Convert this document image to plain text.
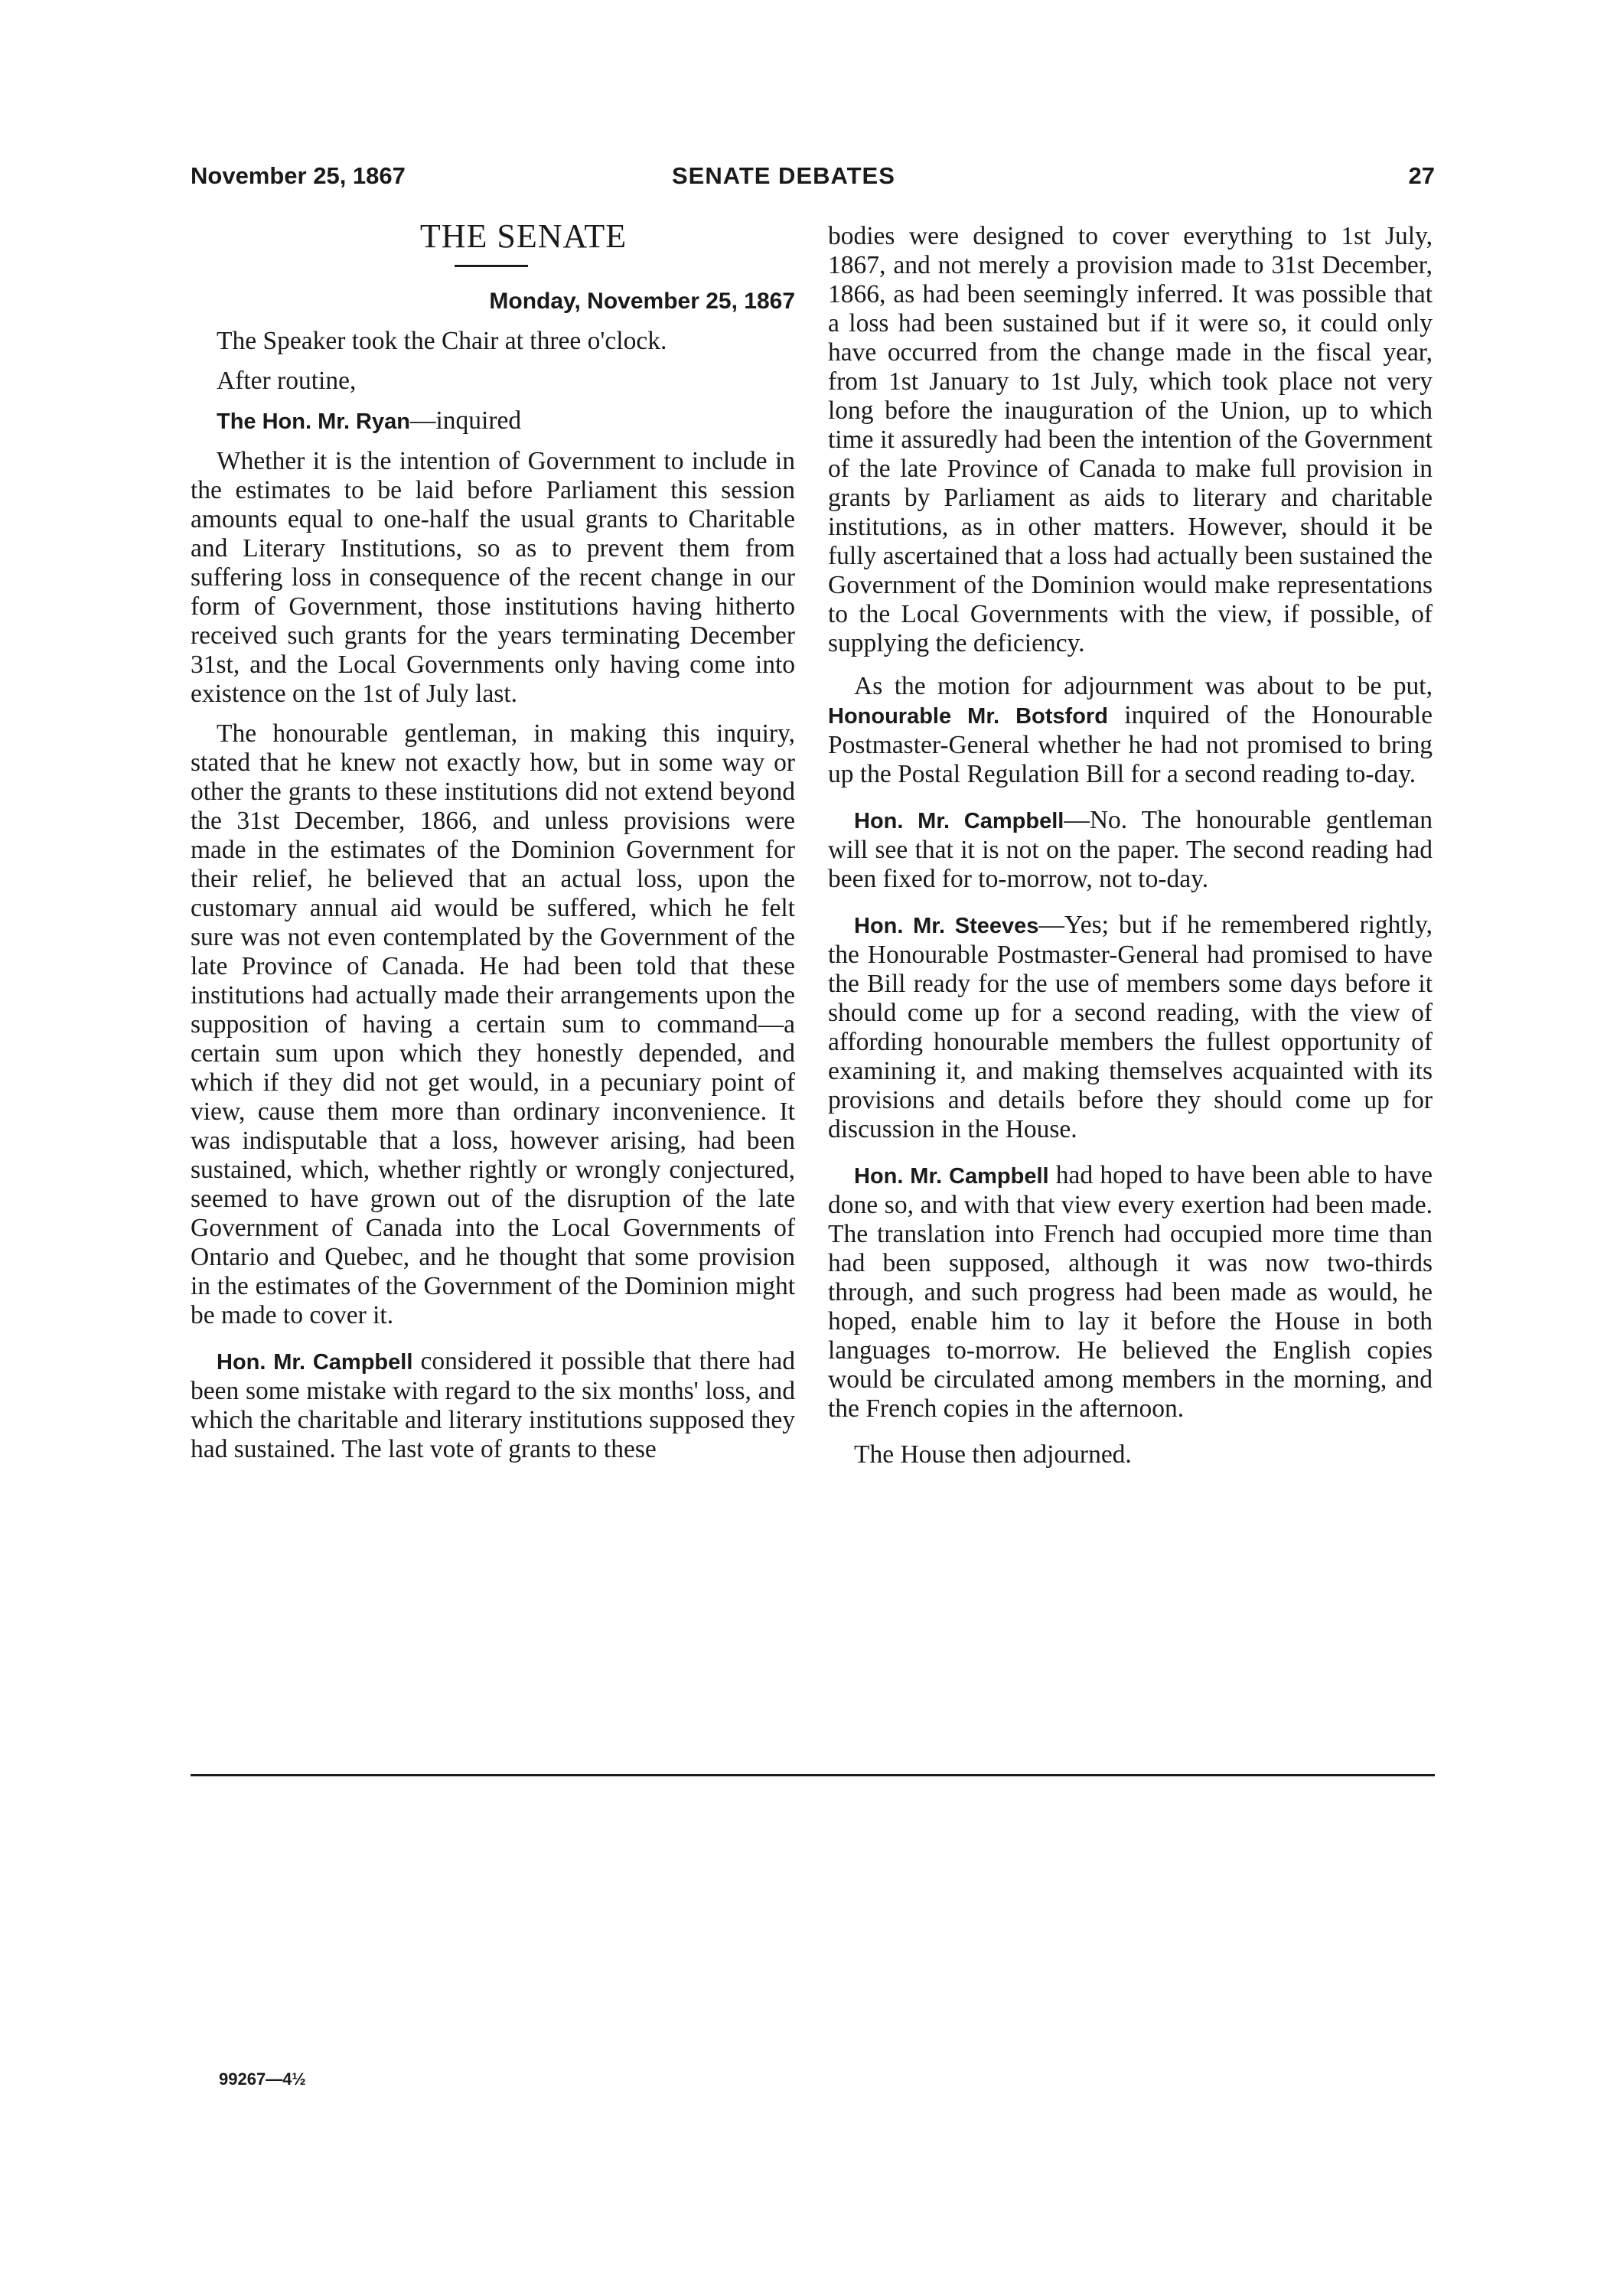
November 25, 1867	SENATE DEBATES	27
THE SENATE
Monday, November 25, 1867

The Speaker took the Chair at three o'clock.

After routine,

The Hon. Mr. Ryan—inquired

Whether it is the intention of Government to include in the estimates to be laid before Parliament this session amounts equal to one-half the usual grants to Charitable and Literary Institutions, so as to prevent them from suffering loss in consequence of the recent change in our form of Government, those institutions having hitherto received such grants for the years terminating December 31st, and the Local Governments only having come into existence on the 1st of July last.

The honourable gentleman, in making this inquiry, stated that he knew not exactly how, but in some way or other the grants to these institutions did not extend beyond the 31st December, 1866, and unless provisions were made in the estimates of the Dominion Government for their relief, he believed that an actual loss, upon the customary annual aid would be suffered, which he felt sure was not even contemplated by the Government of the late Province of Canada. He had been told that these institutions had actually made their arrangements upon the supposition of having a certain sum to command—a certain sum upon which they honestly depended, and which if they did not get would, in a pecuniary point of view, cause them more than ordinary inconvenience. It was indisputable that a loss, however arising, had been sustained, which, whether rightly or wrongly conjectured, seemed to have grown out of the disruption of the late Government of Canada into the Local Governments of Ontario and Quebec, and he thought that some provision in the estimates of the Government of the Dominion might be made to cover it.

Hon. Mr. Campbell considered it possible that there had been some mistake with regard to the six months' loss, and which the charitable and literary institutions supposed they had sustained. The last vote of grants to these

bodies were designed to cover everything to 1st July, 1867, and not merely a provision made to 31st December, 1866, as had been seemingly inferred. It was possible that a loss had been sustained but if it were so, it could only have occurred from the change made in the fiscal year, from 1st January to 1st July, which took place not very long before the inauguration of the Union, up to which time it assuredly had been the intention of the Government of the late Province of Canada to make full provision in grants by Parliament as aids to literary and charitable institutions, as in other matters. However, should it be fully ascertained that a loss had actually been sustained the Government of the Dominion would make representations to the Local Governments with the view, if possible, of supplying the deficiency.

As the motion for adjournment was about to be put, Honourable Mr. Botsford inquired of the Honourable Postmaster-General whether he had not promised to bring up the Postal Regulation Bill for a second reading to-day.

Hon. Mr. Campbell—No. The honourable gentleman will see that it is not on the paper. The second reading had been fixed for to-morrow, not to-day.

Hon. Mr. Steeves—Yes; but if he remembered rightly, the Honourable Postmaster-General had promised to have the Bill ready for the use of members some days before it should come up for a second reading, with the view of affording honourable members the fullest opportunity of examining it, and making themselves acquainted with its provisions and details before they should come up for discussion in the House.

Hon. Mr. Campbell had hoped to have been able to have done so, and with that view every exertion had been made. The translation into French had occupied more time than had been supposed, although it was now two-thirds through, and such progress had been made as would, he hoped, enable him to lay it before the House in both languages to-morrow. He believed the English copies would be circulated among members in the morning, and the French copies in the afternoon.

The House then adjourned.

99267—4½
